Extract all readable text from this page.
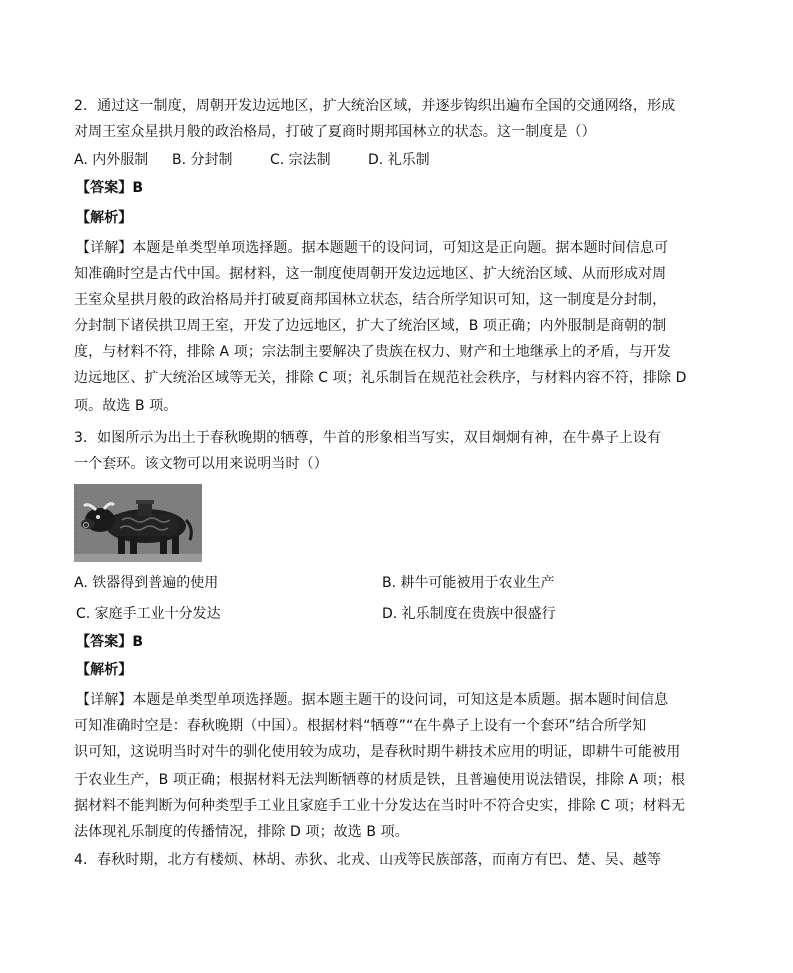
2．通过这一制度，周朝开发边远地区，扩大统治区域，并逐步钩织出遍布全国的交通网络，形成
对周王室众星拱月般的政治格局，打破了夏商时期邦国林立的状态。这一制度是（）
A. 内外服制 B. 分封制	C. 宗法制	D. 礼乐制
【答案】B
【解析】
【详解】本题是单类型单项选择题。据本题题干的设问词，可知这是正向题。据本题时间信息可
知准确时空是古代中国。据材料，这一制度使周朝开发边远地区、扩大统治区域、从而形成对周
王室众星拱月般的政治格局并打破夏商邦国林立状态，结合所学知识可知，这一制度是分封制，
分封制下诸侯拱卫周王室，开发了边远地区，扩大了统治区域，B 项正确；内外服制是商朝的制
度，与材料不符，排除 A 项；宗法制主要解决了贵族在权力、财产和土地继承上的矛盾，与开发
边远地区、扩大统治区域等无关，排除 C 项；礼乐制旨在规范社会秩序，与材料内容不符，排除 D
项。故选 B 项。
3．如图所示为出土于春秋晚期的牺尊，牛首的形象相当写实，双目炯炯有神，在牛鼻子上设有
一个套环。该文物可以用来说明当时（）
A. 铁器得到普遍的使用	B. 耕牛可能被用于农业生产
C. 家庭手工业十分发达	D. 礼乐制度在贵族中很盛行
【答案】B
【解析】
【详解】本题是单类型单项选择题。据本题主题干的设问词，可知这是本质题。据本题时间信息
可知准确时空是：春秋晚期（中国）。根据材料“牺尊”“在牛鼻子上设有一个套环”结合所学知
识可知，这说明当时对牛的驯化使用较为成功，是春秋时期牛耕技术应用的明证，即耕牛可能被用
于农业生产，B 项正确；根据材料无法判断牺尊的材质是铁，且普遍使用说法错误，排除 A 项；根
据材料不能判断为何种类型手工业且家庭手工业十分发达在当时叶不符合史实，排除 C 项；材料无
法体现礼乐制度的传播情况，排除 D 项；故选 B 项。
4．春秋时期，北方有楼烦、林胡、赤狄、北戎、山戎等民族部落，而南方有巴、楚、吴、越等
